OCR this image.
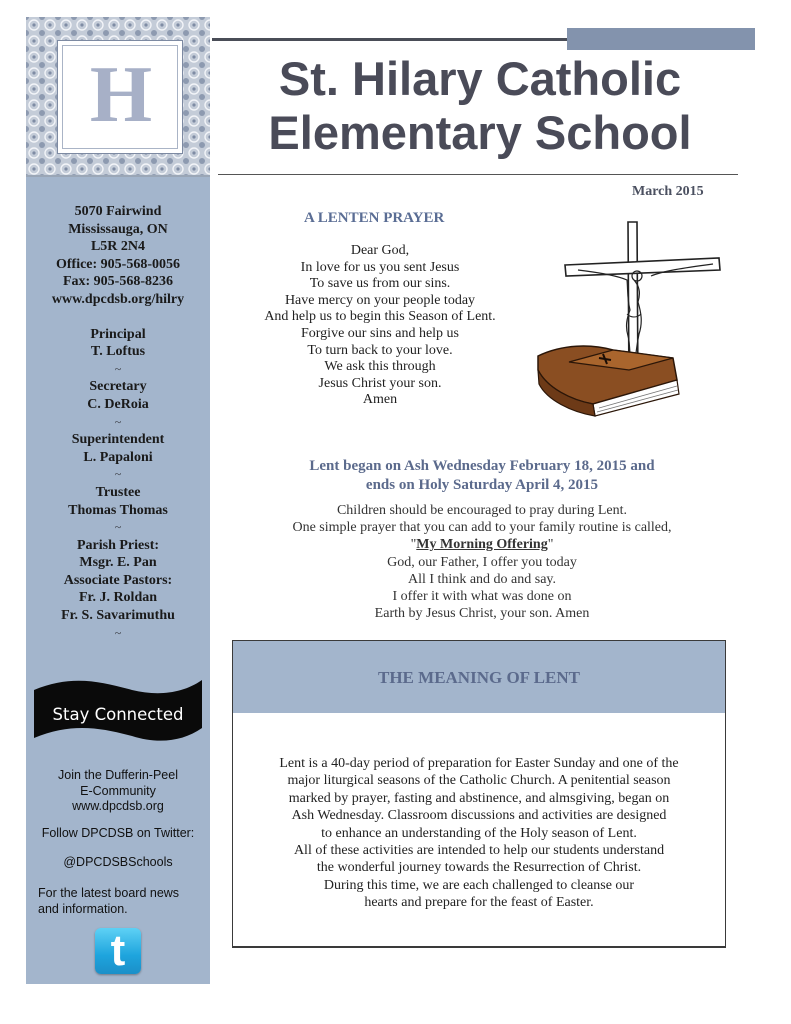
H
5070 Fairwind
Mississauga, ON
L5R 2N4
Office: 905-568-0056
Fax: 905-568-8236
www.dpcdsb.org/hilry
Principal
T. Loftus
~
Secretary
C. DeRoia
~
Superintendent
L. Papaloni
~
Trustee
Thomas Thomas
~
Parish Priest:
Msgr. E. Pan
Associate Pastors:
Fr. J. Roldan
Fr. S. Savarimuthu
~
Stay Connected
Join the Dufferin-Peel
E-Community
www.dpcdsb.org
Follow DPCDSB on Twitter:
@DPCDSBSchools
For the latest board news and information.
t
St. Hilary Catholic
Elementary School
March 2015
A LENTEN PRAYER
Dear God,
In love for us you sent Jesus
To save us from our sins.
Have mercy on your people today
And help us to begin this Season of Lent.
Forgive our sins and help us
To turn back to your love.
We ask this through
Jesus Christ your son.
Amen
Lent began on Ash Wednesday February 18, 2015 and
ends on Holy Saturday April 4, 2015
Children should be encouraged to pray during Lent.
One simple prayer that you can add to your family routine is called,
"My Morning Offering"
God, our Father, I offer you today
All I think and do and say.
I offer it with what was done on
Earth by Jesus Christ, your son. Amen
THE MEANING OF LENT
Lent is a 40-day period of preparation for Easter Sunday and one of the
major liturgical seasons of the Catholic Church. A penitential season
marked by prayer, fasting and abstinence, and almsgiving, began on
Ash Wednesday. Classroom discussions and activities are designed
to enhance an understanding of the Holy season of Lent.
All of these activities are intended to help our students understand
the wonderful journey towards the Resurrection of Christ.
During this time, we are each challenged to cleanse our
hearts and prepare for the feast of Easter.
